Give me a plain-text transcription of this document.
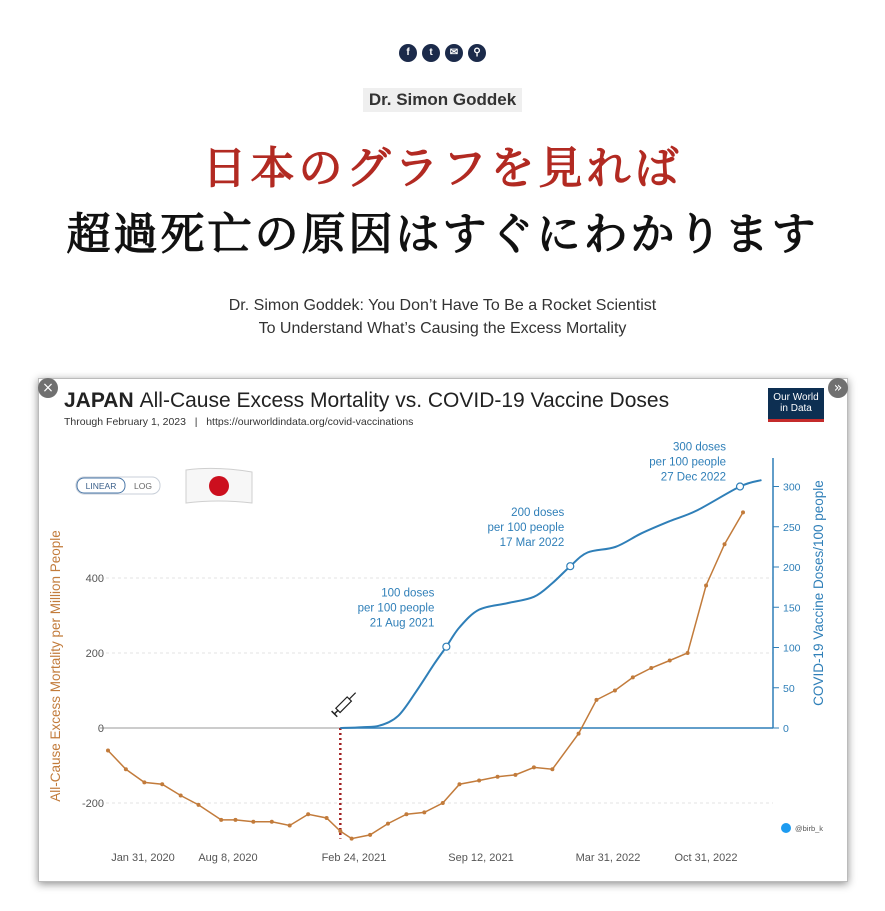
f	t	✉	⚲
Dr. Simon Goddek
日本のグラフを見れば
超過死亡の原因はすぐにわかります
Dr. Simon Goddek: You Don’t Have To Be a Rocket Scientist
To Understand What’s Causing the Excess Mortality
×	»
Our World
in Data
JAPAN All-Cause Excess Mortality vs. COVID-19 Vaccine Doses
Through February 1, 2023   |   https://ourworldindata.org/covid-vaccinations
LINEAR LOG
-200
0
200
400
0
50
100
150
200
250
300
Jan 31, 2020 Aug 8, 2020	Feb 24, 2021	Sep 12, 2021	Mar 31, 2022	Oct 31, 2022
All-Cause Excess Mortality per Million People	COVID-19 Vaccine Doses/100 people
100 doses
per 100 people
21 Aug 2021
200 doses
per 100 people
17 Mar 2022
300 doses
per 100 people
27 Dec 2022
@birb_k
